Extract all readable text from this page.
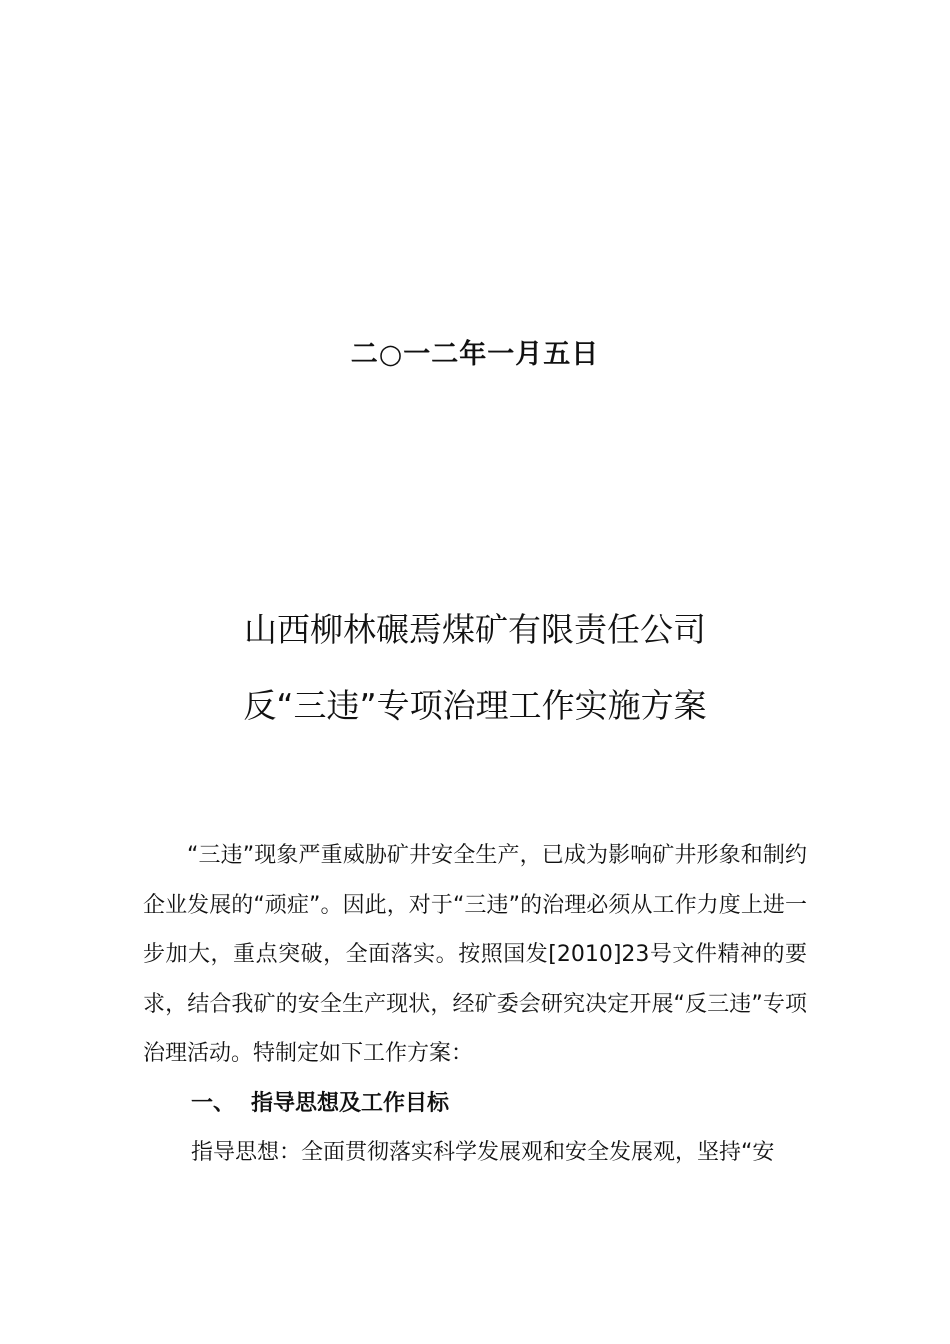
二○一二年一月五日
山西柳林碾焉煤矿有限责任公司
反“三违”专项治理工作实施方案

“三违”现象严重威胁矿井安全生产，已成为影响矿井形象和制约企业发展的“顽症”。因此，对于“三违”的治理必须从工作力度上进一步加大，重点突破，全面落实。按照国发[2010]23号文件精神的要求，结合我矿的安全生产现状，经矿委会研究决定开展“反三违”专项治理活动。特制定如下工作方案：

一、 指导思想及工作目标

指导思想：全面贯彻落实科学发展观和安全发展观，坚持“安
